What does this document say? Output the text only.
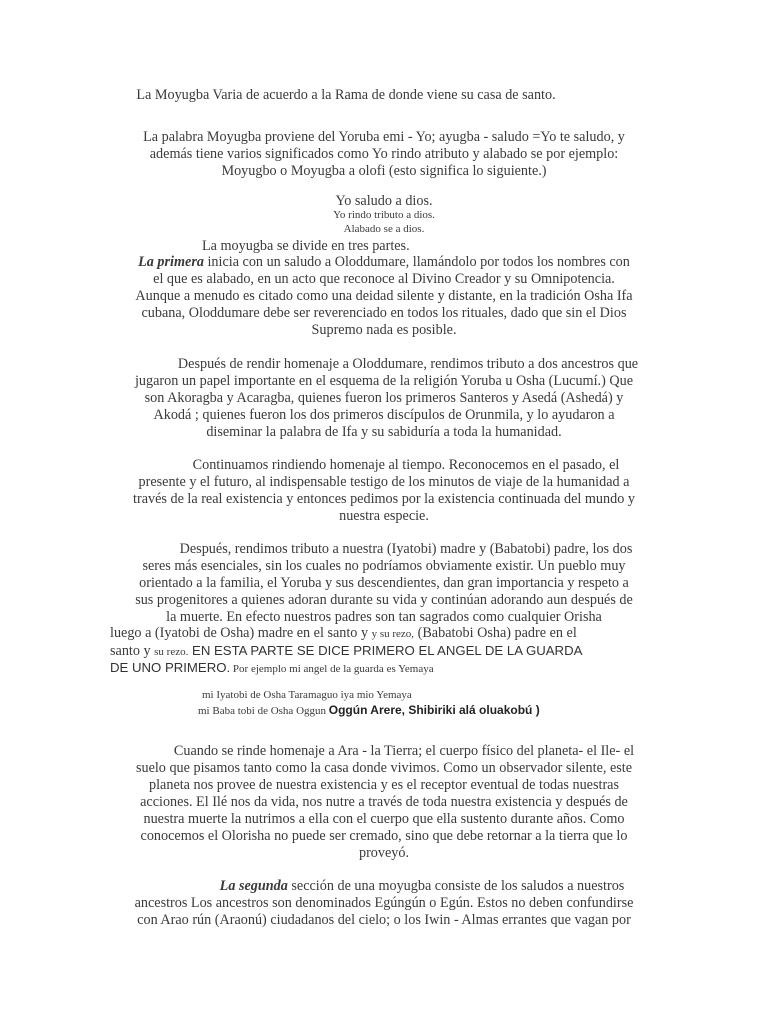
La Moyugba Varia de acuerdo a la Rama de donde viene su casa de santo.
La palabra Moyugba proviene del Yoruba emi - Yo; ayugba - saludo =Yo te saludo, y
además tiene varios significados como Yo rindo atributo y alabado se por ejemplo:
Moyugbo o Moyugba a olofi (esto significa lo siguiente.)
Yo saludo a dios.
Yo rindo tributo a dios.
Alabado se a dios.
La moyugba se divide en tres partes.
La primera inicia con un saludo a Oloddumare, llamándolo por todos los nombres con
el que es alabado, en un acto que reconoce al Divino Creador y su Omnipotencia.
Aunque a menudo es citado como una deidad silente y distante, en la tradición Osha Ifa
cubana, Oloddumare debe ser reverenciado en todos los rituales, dado que sin el Dios
Supremo nada es posible.
Después de rendir homenaje a Oloddumare, rendimos tributo a dos ancestros que
jugaron un papel importante en el esquema de la religión Yoruba u Osha (Lucumí.) Que
son Akoragba y Acaragba, quienes fueron los primeros Santeros y Asedá (Ashedá) y
Akodá ; quienes fueron los dos primeros discípulos de Orunmila, y lo ayudaron a
diseminar la palabra de Ifa y su sabiduría a toda la humanidad.
Continuamos rindiendo homenaje al tiempo. Reconocemos en el pasado, el
presente y el futuro, al indispensable testigo de los minutos de viaje de la humanidad a
través de la real existencia y entonces pedimos por la existencia continuada del mundo y
nuestra especie.
Después, rendimos tributo a nuestra (Iyatobi) madre y (Babatobi) padre, los dos
seres más esenciales, sin los cuales no podríamos obviamente existir. Un pueblo muy
orientado a la familia, el Yoruba y sus descendientes, dan gran importancia y respeto a
sus progenitores a quienes adoran durante su vida y continúan adorando aun después de
la muerte. En efecto nuestros padres son tan sagrados como cualquier Orisha
luego a (Iyatobi de Osha) madre en el santo y y su rezo, (Babatobi Osha) padre en el
santo y su rezo. EN ESTA PARTE SE DICE PRIMERO EL ANGEL DE LA GUARDA
DE UNO PRIMERO. Por ejemplo mi angel de la guarda es Yemaya
mi Iyatobi de Osha Taramaguo iya mio Yemaya
mi Baba tobi de Osha Oggun Oggún Arere, Shibiriki alá oluakobú )
Cuando se rinde homenaje a Ara - la Tierra; el cuerpo físico del planeta- el Ile- el
suelo que pisamos tanto como la casa donde vivimos. Como un observador silente, este
planeta nos provee de nuestra existencia y es el receptor eventual de todas nuestras
acciones. El Ilé nos da vida, nos nutre a través de toda nuestra existencia y después de
nuestra muerte la nutrimos a ella con el cuerpo que ella sustento durante años. Como
conocemos el Olorisha no puede ser cremado, sino que debe retornar a la tierra que lo
proveyó.
La segunda sección de una moyugba consiste de los saludos a nuestros
ancestros Los ancestros son denominados Egúngún o Egún. Estos no deben confundirse
con Arao rún (Araonú) ciudadanos del cielo; o los Iwin - Almas errantes que vagan por
